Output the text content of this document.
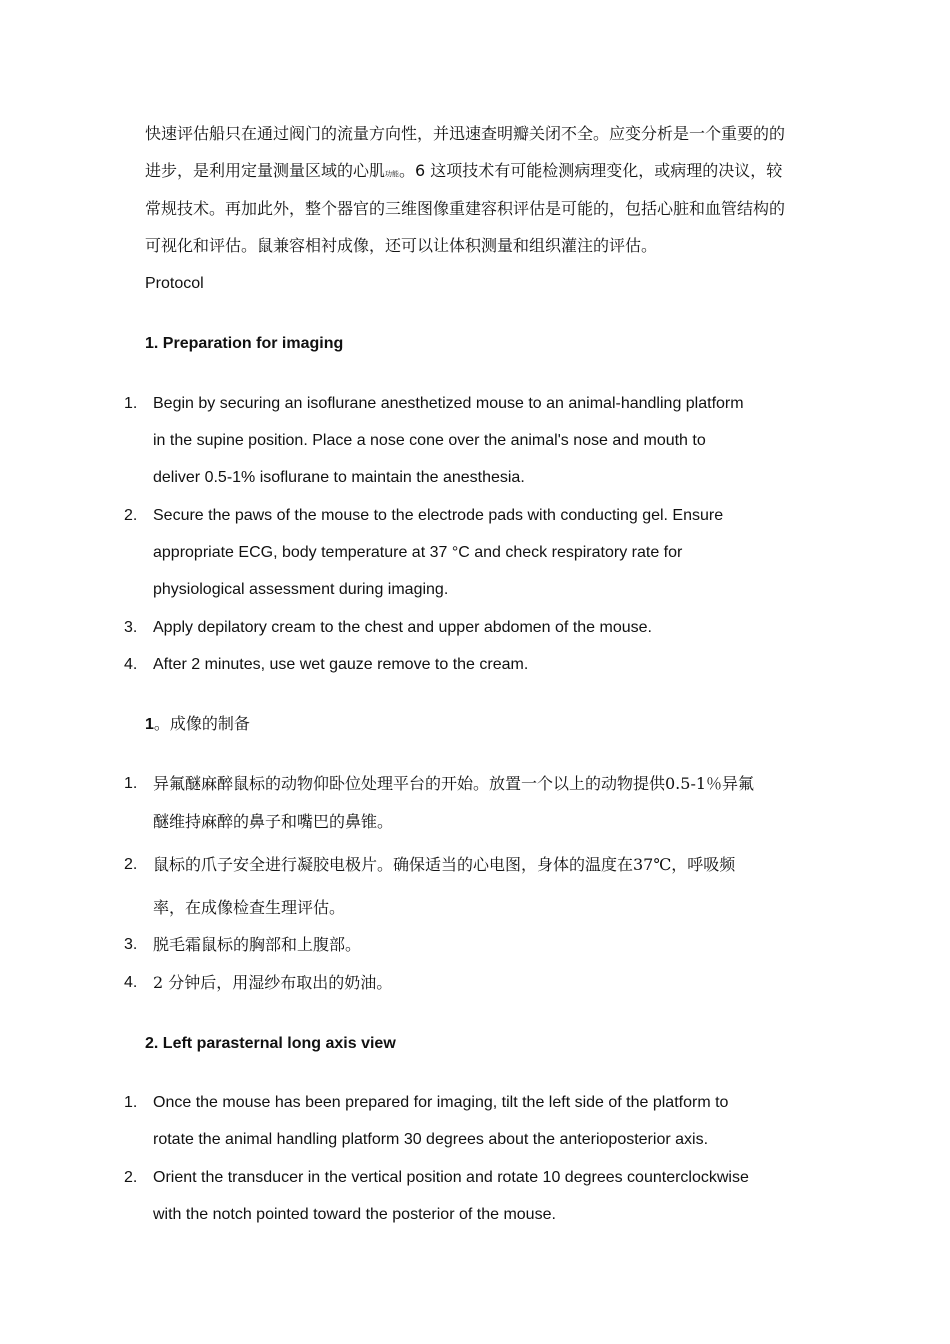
快速评估船只在通过阀门的流量方向性，并迅速查明瓣关闭不全。应变分析是一个重要的的
进步，是利用定量测量区域的心肌功能。6 这项技术有可能检测病理变化，或病理的决议，较
常规技术。再加此外，整个器官的三维图像重建容积评估是可能的，包括心脏和血管结构的
可视化和评估。鼠兼容相衬成像，还可以让体积测量和组织灌注的评估。
Protocol
1. Preparation for imaging
1. Begin by securing an isoflurane anesthetized mouse to an animal-handling platform
in the supine position. Place a nose cone over the animal's nose and mouth to
deliver 0.5-1% isoflurane to maintain the anesthesia.
2. Secure the paws of the mouse to the electrode pads with conducting gel. Ensure
appropriate ECG, body temperature at 37 °C and check respiratory rate for
physiological assessment during imaging.
3. Apply depilatory cream to the chest and upper abdomen of the mouse.
4. After 2 minutes, use wet gauze remove to the cream.
1。成像的制备
1. 异氟醚麻醉鼠标的动物仰卧位处理平台的开始。放置一个以上的动物提供0.5-1％异氟
醚维持麻醉的鼻子和嘴巴的鼻锥。
2. 鼠标的爪子安全进行凝胶电极片。确保适当的心电图，身体的温度在37℃，呼吸频
率，在成像检查生理评估。
3. 脱毛霜鼠标的胸部和上腹部。
4. 2 分钟后，用湿纱布取出的奶油。
2. Left parasternal long axis view
1. Once the mouse has been prepared for imaging, tilt the left side of the platform to
rotate the animal handling platform 30 degrees about the anterioposterior axis.
2. Orient the transducer in the vertical position and rotate 10 degrees counterclockwise
with the notch pointed toward the posterior of the mouse.
